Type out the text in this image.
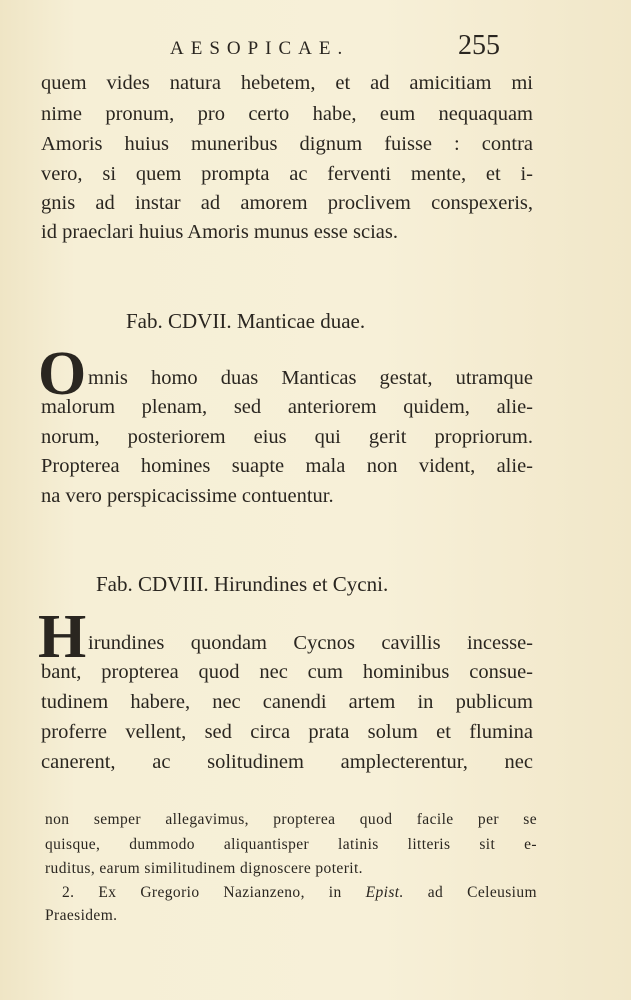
AESOPICAE.	255
quem vides natura hebetem, et ad amicitiam mi
nime pronum, pro certo habe, eum nequaquam
Amoris huius muneribus dignum fuisse : contra
vero, si quem prompta ac ferventi mente, et i-
gnis ad instar ad amorem proclivem conspexeris,
id praeclari huius Amoris munus esse scias.
Fab. CDVII. Manticae duae.
O mnis homo duas Manticas gestat, utramque
malorum plenam, sed anteriorem quidem, alie-
norum, posteriorem eius qui gerit propriorum.
Propterea homines suapte mala non vident, alie-
na vero perspicacissime contuentur.
Fab. CDVIII. Hirundines et Cycni.
H irundines quondam Cycnos cavillis incesse-
bant, propterea quod nec cum hominibus consue-
tudinem habere, nec canendi artem in publicum
proferre vellent, sed circa prata solum et flumina
canerent, ac solitudinem amplecterentur, nec
non semper allegavimus, propterea quod facile per se
quisque, dummodo aliquantisper latinis litteris sit e-
ruditus, earum similitudinem dignoscere poterit.
2. Ex Gregorio Nazianzeno, in Epist. ad Celeusium
Praesidem.
